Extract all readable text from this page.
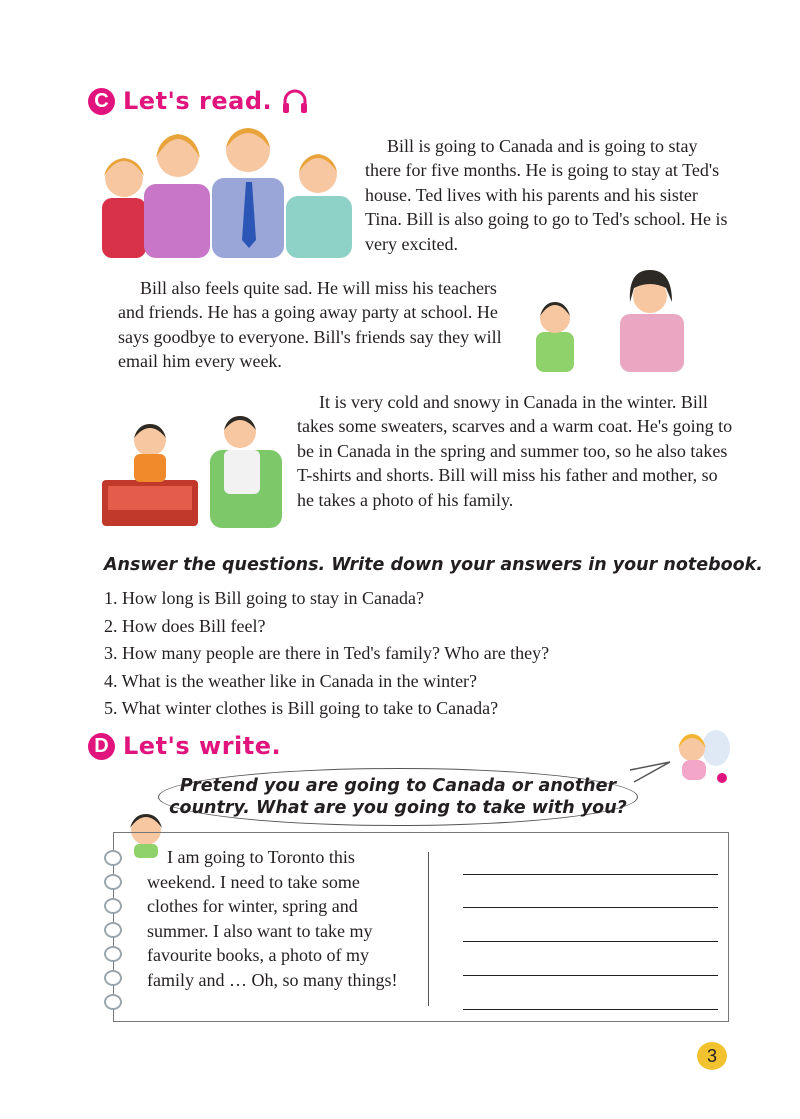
C Let's read.

Bill is going to Canada and is going to stay there for five months. He is going to stay at Ted's house. Ted lives with his parents and his sister Tina. Bill is also going to go to Ted's school. He is very excited.

Bill also feels quite sad. He will miss his teachers and friends. He has a going away party at school. He says goodbye to everyone. Bill's friends say they will email him every week.

It is very cold and snowy in Canada in the winter. Bill takes some sweaters, scarves and a warm coat. He's going to be in Canada in the spring and summer too, so he also takes T-shirts and shorts. Bill will miss his father and mother, so he takes a photo of his family.

Answer the questions. Write down your answers in your notebook.
1. How long is Bill going to stay in Canada?
2. How does Bill feel?
3. How many people are there in Ted's family? Who are they?
4. What is the weather like in Canada in the winter?
5. What winter clothes is Bill going to take to Canada?
D Let's write.
Pretend you are going to Canada or another
country. What are you going to take with you?

I am going to Toronto this weekend. I need to take some clothes for winter, spring and summer. I also want to take my favourite books, a photo of my family and … Oh, so many things!

3
